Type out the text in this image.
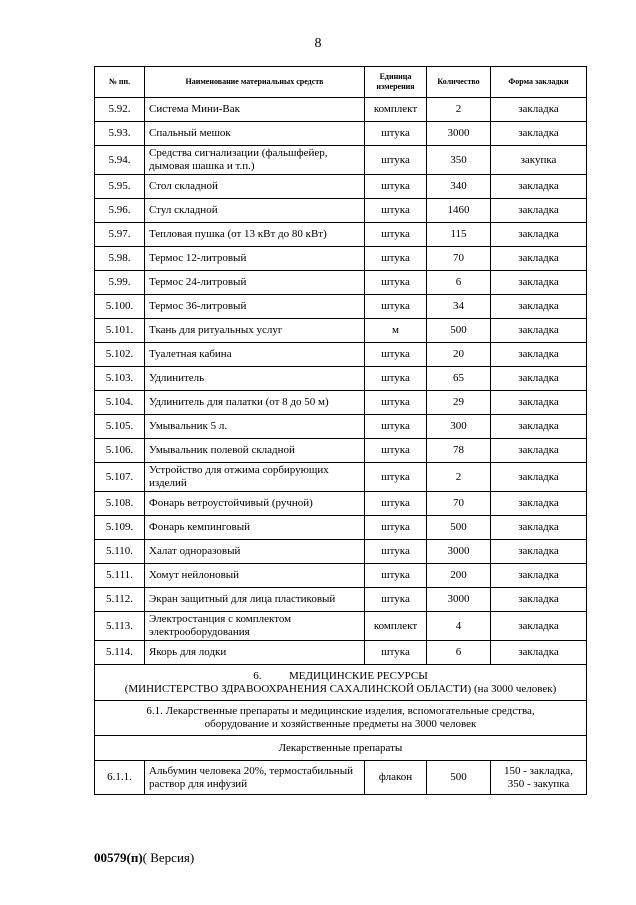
8
№ пп.	Наименование материальных средств	Единица измерения	Количество	Форма закладки
5.92.	Система Мини-Вак	комплект	2	закладка
5.93.	Спальный мешок	штука	3000	закладка
5.94.	Средства сигнализации (фальшфейер, дымовая шашка и т.п.)	штука	350	закупка
5.95.	Стол складной	штука	340	закладка
5.96.	Стул складной	штука	1460	закладка
5.97.	Тепловая пушка (от 13 кВт до 80 кВт)	штука	115	закладка
5.98.	Термос 12-литровый	штука	70	закладка
5.99.	Термос 24-литровый	штука	6	закладка
5.100.	Термос 36-литровый	штука	34	закладка
5.101.	Ткань для ритуальных услуг	м	500	закладка
5.102.	Туалетная кабина	штука	20	закладка
5.103.	Удлинитель	штука	65	закладка
5.104.	Удлинитель для палатки (от 8 до 50 м)	штука	29	закладка
5.105.	Умывальник 5 л.	штука	300	закладка
5.106.	Умывальник полевой складной	штука	78	закладка
5.107.	Устройство для отжима сорбирующих изделий	штука	2	закладка
5.108.	Фонарь ветроустойчивый (ручной)	штука	70	закладка
5.109.	Фонарь кемпинговый	штука	500	закладка
5.110.	Халат одноразовый	штука	3000	закладка
5.111.	Хомут нейлоновый	штука	200	закладка
5.112.	Экран защитный для лица пластиковый	штука	3000	закладка
5.113.	Электростанция с комплектом электрооборудования	комплект	4	закладка
5.114.	Якорь для лодки	штука	6	закладка

6.          МЕДИЦИНСКИЕ РЕСУРСЫ
(МИНИСТЕРСТВО ЗДРАВООХРАНЕНИЯ САХАЛИНСКОЙ ОБЛАСТИ) (на 3000 человек)				

6.1. Лекарственные препараты и медицинские изделия, вспомогательные средства,
оборудование и хозяйственные предметы на 3000 человек				

Лекарственные препараты				
6.1.1.	Альбумин человека 20%, термостабильный раствор для инфузий	флакон	500	150 - закладка,
350 - закупка
00579(п)( Версия)
